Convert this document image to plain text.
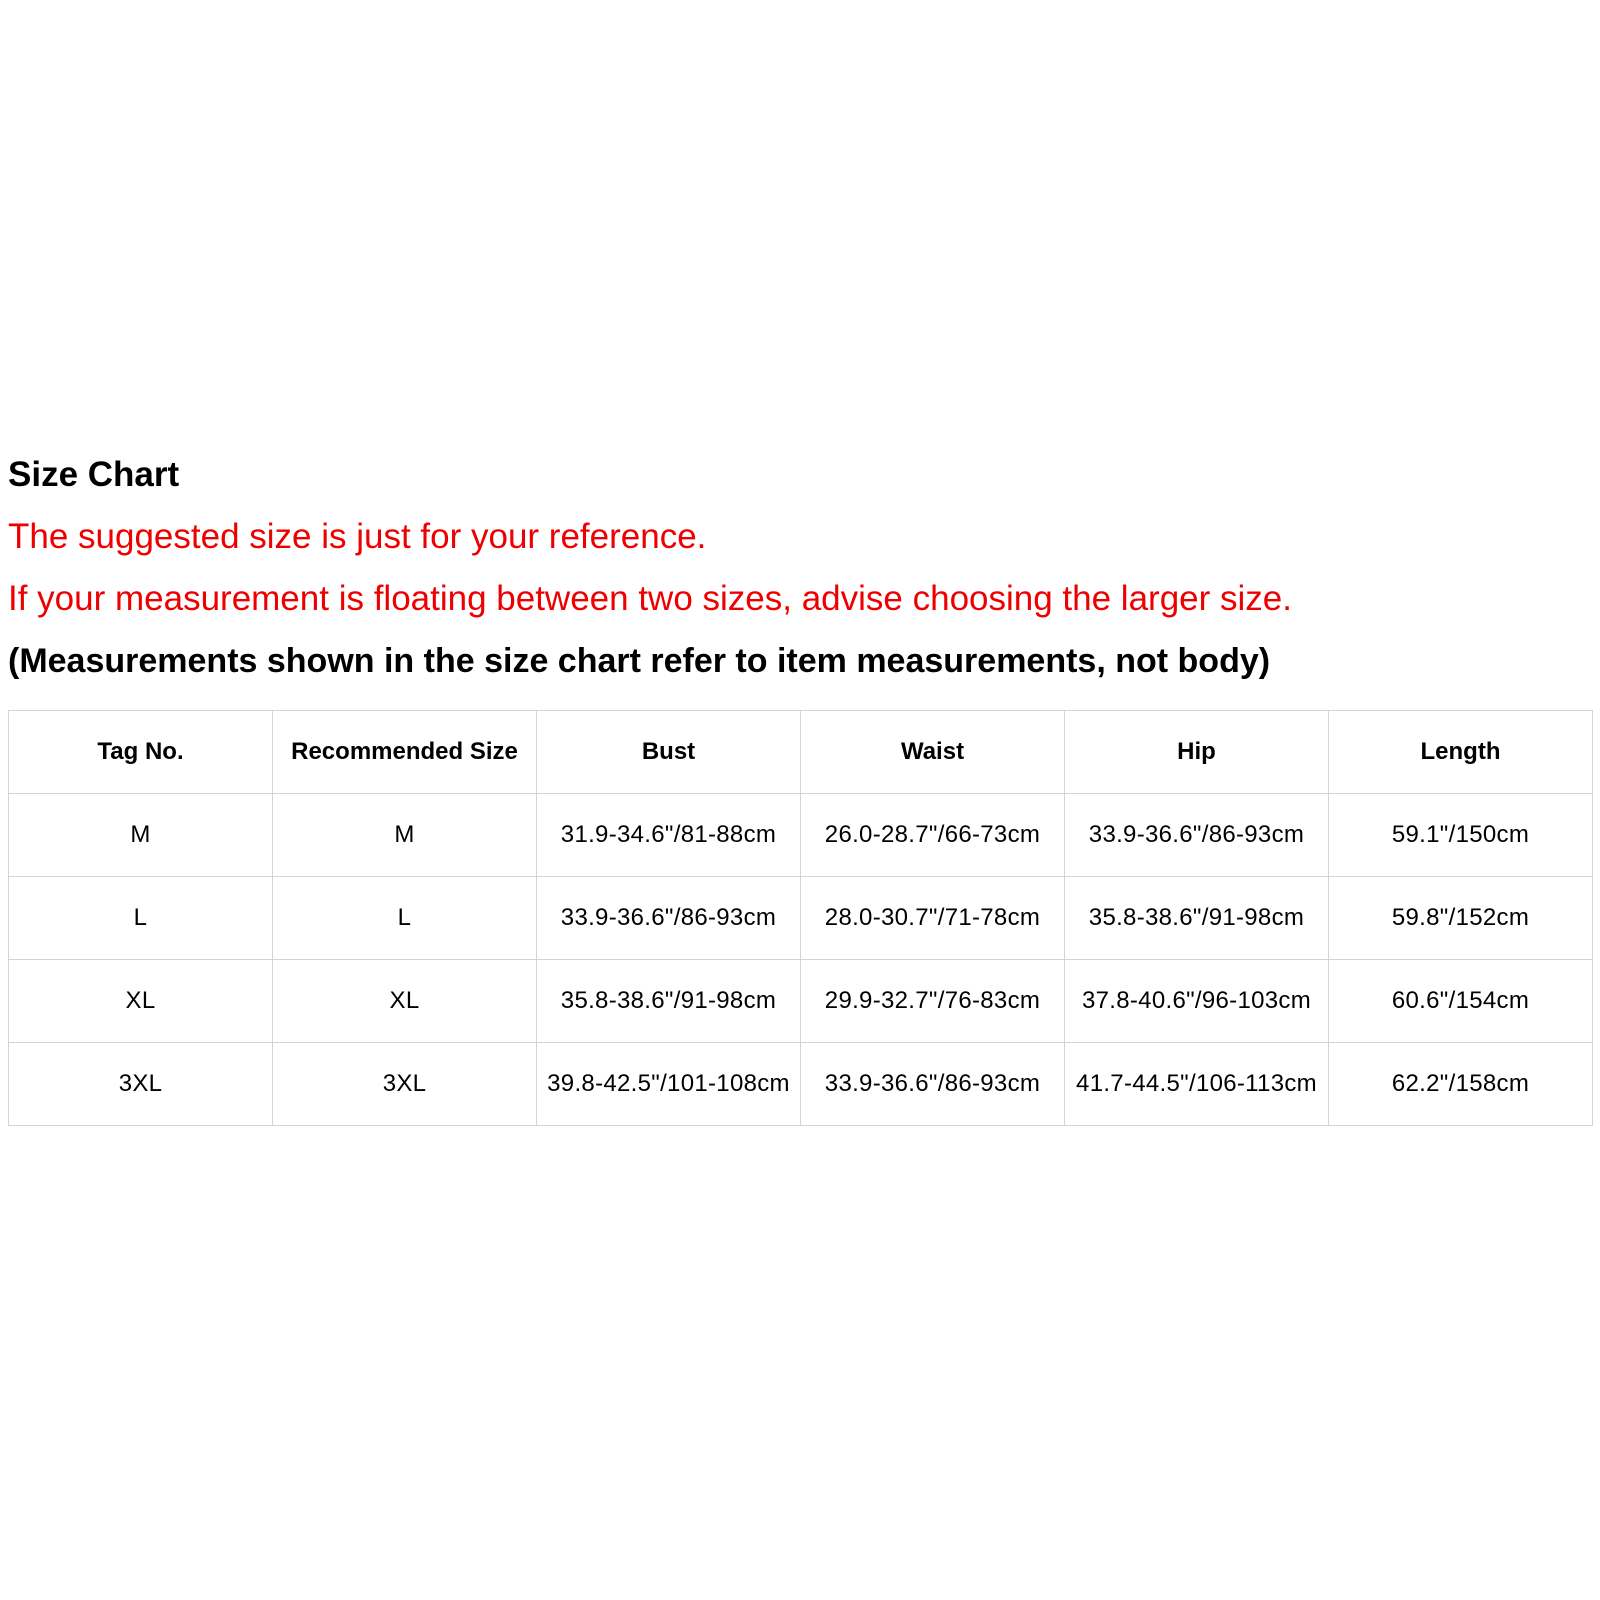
Size Chart

The suggested size is just for your reference.

If your measurement is floating between two sizes, advise choosing the larger size.

(Measurements shown in the size chart refer to item measurements, not body)

Tag No.	Recommended Size	Bust	Waist	Hip	Length
M	M	31.9-34.6"/81-88cm	26.0-28.7"/66-73cm	33.9-36.6"/86-93cm	59.1"/150cm
L	L	33.9-36.6"/86-93cm	28.0-30.7"/71-78cm	35.8-38.6"/91-98cm	59.8"/152cm
XL	XL	35.8-38.6"/91-98cm	29.9-32.7"/76-83cm	37.8-40.6"/96-103cm	60.6"/154cm
3XL	3XL	39.8-42.5"/101-108cm	33.9-36.6"/86-93cm	41.7-44.5"/106-113cm	62.2"/158cm
